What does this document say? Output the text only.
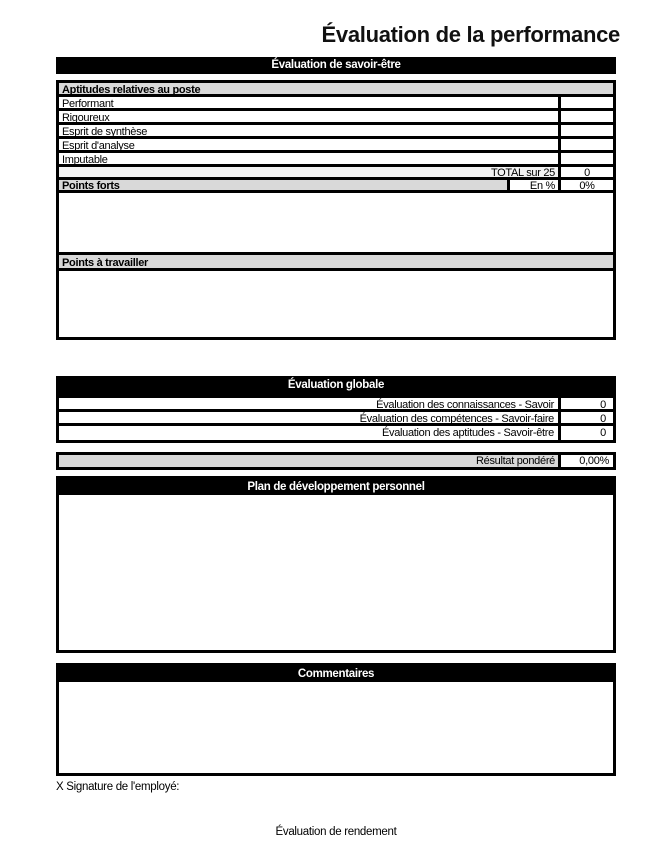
Évaluation de la performance
Évaluation de savoir-être
Aptitudes relatives au poste
Performant
Rigoureux
Esprit de synthèse
Esprit d'analyse
Imputable
TOTAL sur 25	0
Points forts	En %	0%
Points à travailler
Évaluation globale
Évaluation des connaissances - Savoir	0
Évaluation des compétences - Savoir-faire	0
Évaluation des aptitudes - Savoir-être	0
Résultat pondéré	0,00%
Plan de développement personnel
Commentaires
X Signature de l'employé:
Évaluation de rendement
